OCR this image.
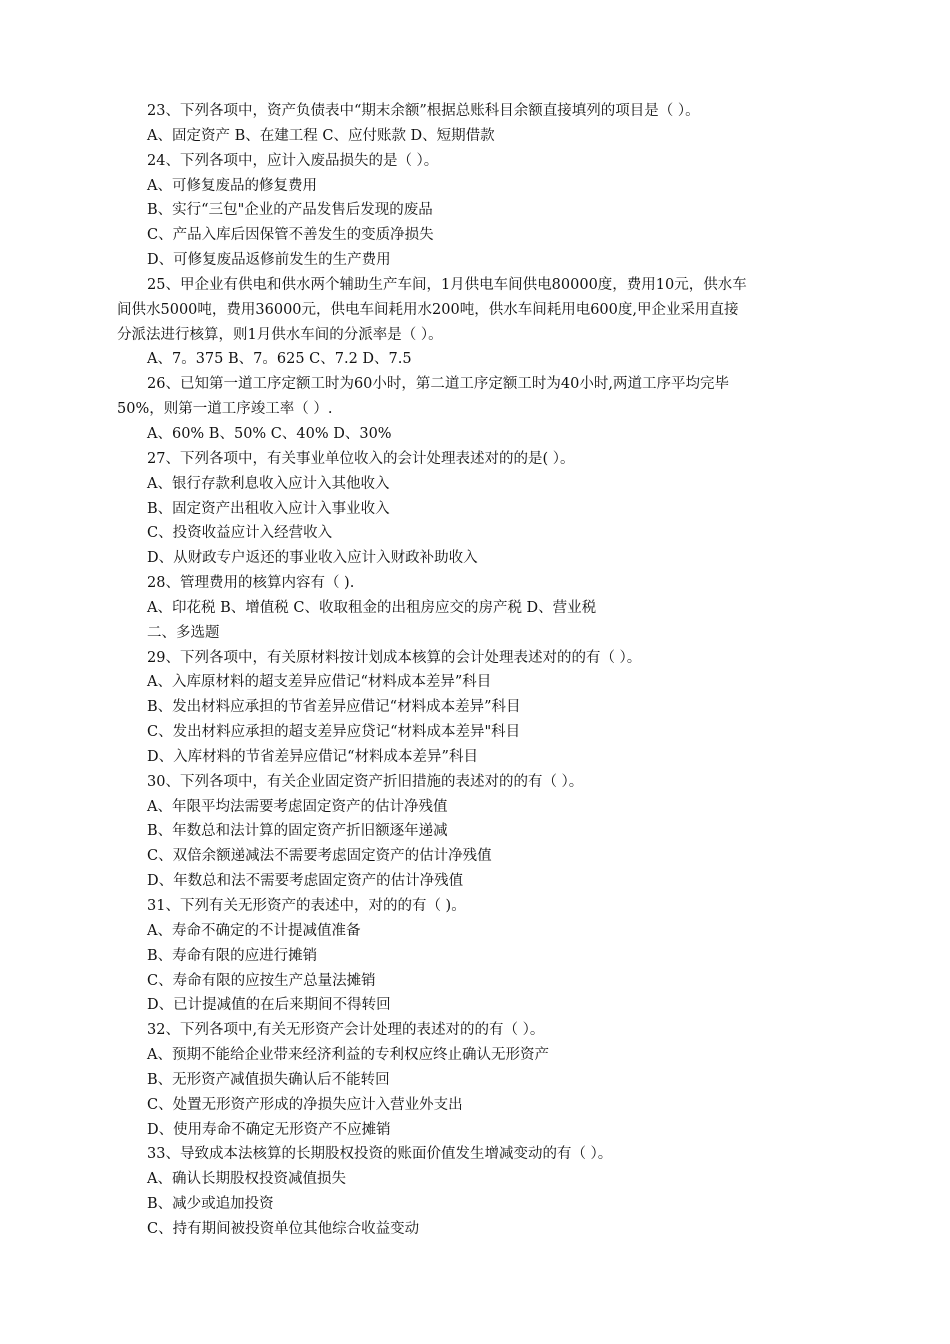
23、下列各项中，资产负债表中“期末余额”根据总账科目余额直接填列的项目是（ ）。
A、固定资产 B、在建工程 C、应付账款 D、短期借款
24、下列各项中，应计入废品损失的是（ ）。
A、可修复废品的修复费用
B、实行“三包"企业的产品发售后发现的废品
C、产品入库后因保管不善发生的变质净损失
D、可修复废品返修前发生的生产费用
25、甲企业有供电和供水两个辅助生产车间，1月供电车间供电80000度，费用10元，供水车
间供水5000吨，费用36000元，供电车间耗用水200吨，供水车间耗用电600度,甲企业采用直接
分派法进行核算，则1月供水车间的分派率是（ ）。
A、7。375 B、7。625 C、7.2 D、7.5
26、已知第一道工序定额工时为60小时，第二道工序定额工时为40小时,两道工序平均完毕
50%，则第一道工序竣工率（ ）.
A、60% B、50% C、40% D、30%
27、下列各项中，有关事业单位收入的会计处理表述对的的是( ）。
A、银行存款利息收入应计入其他收入
B、固定资产出租收入应计入事业收入
C、投资收益应计入经营收入
D、从财政专户返还的事业收入应计入财政补助收入
28、管理费用的核算内容有（ ).
A、印花税 B、增值税 C、收取租金的出租房应交的房产税 D、营业税
二、多选题
29、下列各项中，有关原材料按计划成本核算的会计处理表述对的的有（ ）。
A、入库原材料的超支差异应借记“材料成本差异”科目
B、发出材料应承担的节省差异应借记“材料成本差异”科目
C、发出材料应承担的超支差异应贷记“材料成本差异"科目
D、入库材料的节省差异应借记“材料成本差异”科目
30、下列各项中，有关企业固定资产折旧措施的表述对的的有（ ）。
A、年限平均法需要考虑固定资产的估计净残值
B、年数总和法计算的固定资产折旧额逐年递减
C、双倍余额递减法不需要考虑固定资产的估计净残值
D、年数总和法不需要考虑固定资产的估计净残值
31、下列有关无形资产的表述中，对的的有（ )。
A、寿命不确定的不计提减值准备
B、寿命有限的应进行摊销
C、寿命有限的应按生产总量法摊销
D、已计提减值的在后来期间不得转回
32、下列各项中,有关无形资产会计处理的表述对的的有（ ）。
A、预期不能给企业带来经济利益的专利权应终止确认无形资产
B、无形资产减值损失确认后不能转回
C、处置无形资产形成的净损失应计入营业外支出
D、使用寿命不确定无形资产不应摊销
33、导致成本法核算的长期股权投资的账面价值发生增减变动的有（ ）。
A、确认长期股权投资减值损失
B、减少或追加投资
C、持有期间被投资单位其他综合收益变动
